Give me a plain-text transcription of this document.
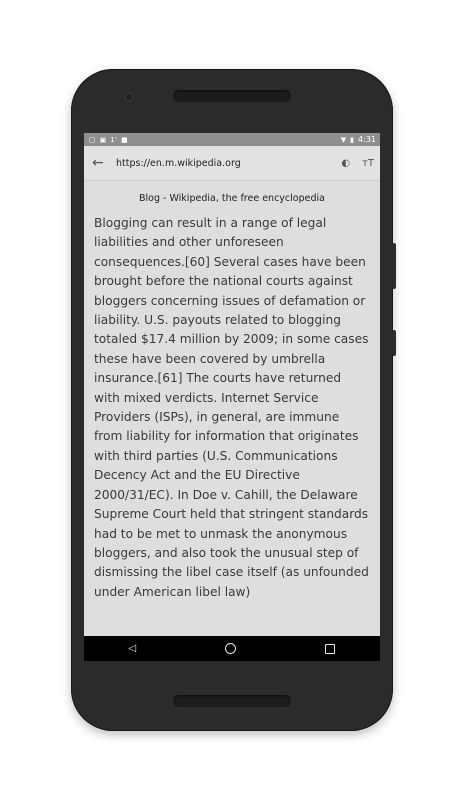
▢ ▣ 1’ ■	▼ ▮ 4:31
←	https://en.m.wikipedia.org	◐ ᴛT
Blog - Wikipedia, the free encyclopedia
Blogging can result in a range of legal liabilities and other unforeseen consequences.[60] Several cases have been brought before the national courts against bloggers concerning issues of defamation or liability. U.S. payouts related to blogging totaled $17.4 million by 2009; in some cases these have been covered by umbrella insurance.[61] The courts have returned with mixed verdicts. Internet Service Providers (ISPs), in general, are immune from liability for information that originates with third parties (U.S. Communications Decency Act and the EU Directive 2000/31/EC). In Doe v. Cahill, the Delaware Supreme Court held that stringent standards had to be met to unmask the anonymous bloggers, and also took the unusual step of dismissing the libel case itself (as unfounded under American libel law)
◁
